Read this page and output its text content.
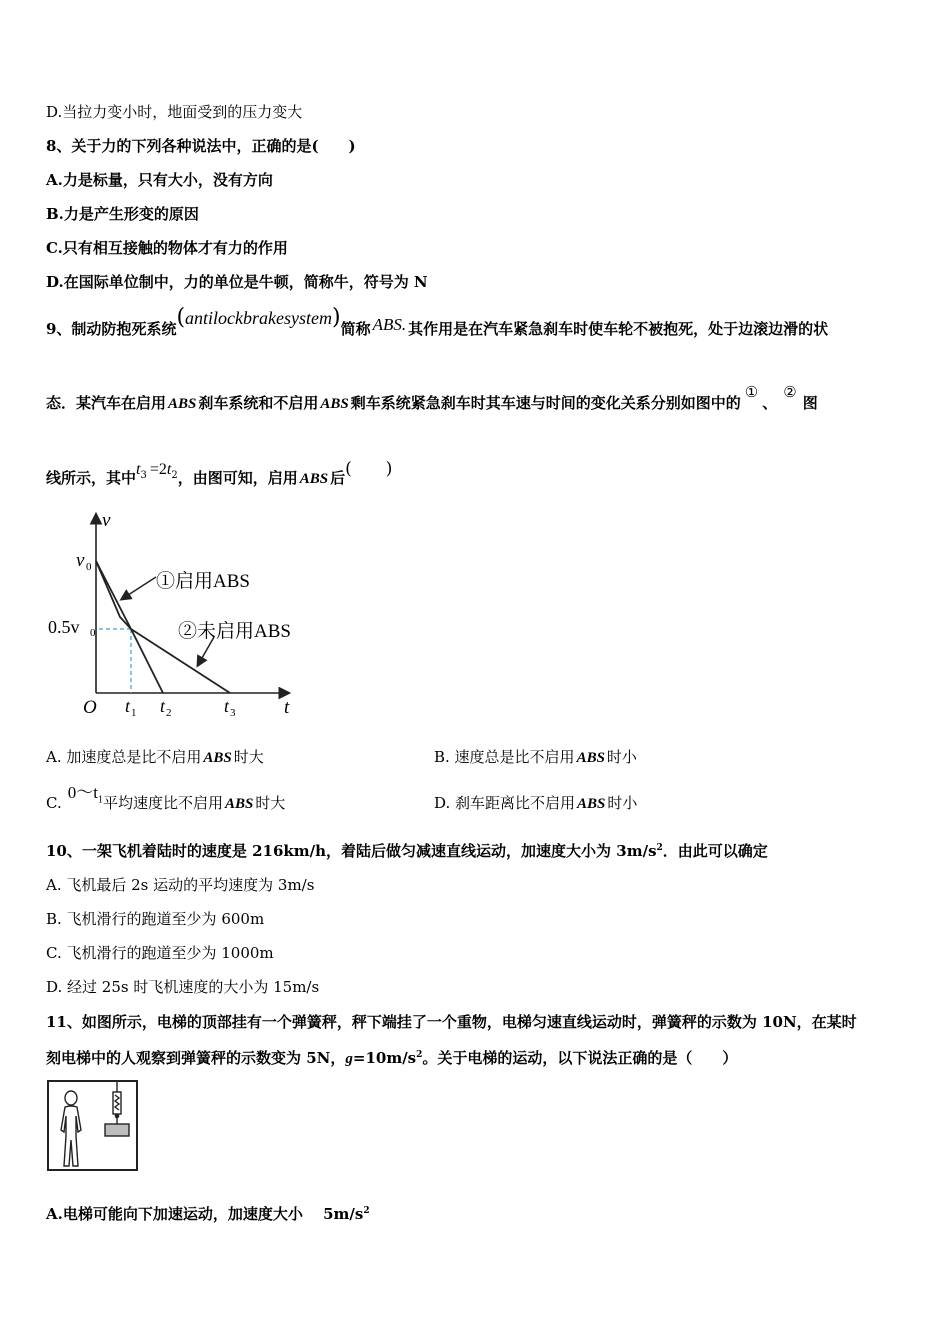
D.当拉力变小时，地面受到的压力变大
8、关于力的下列各种说法中，正确的是(　　)
A.力是标量，只有大小，没有方向
B.力是产生形变的原因
C.只有相互接触的物体才有力的作用
D.在国际单位制中，力的单位是牛顿，简称牛，符号为 N
9、制动防抱死系统(antilockbrakesystem)简称 ABS. 其作用是在汽车紧急刹车时使车轮不被抱死，处于边滚边滑的状
态．某汽车在启用 ABS 刹车系统和不启用 ABS 剩车系统紧急刹车时其车速与时间的变化关系分别如图中的①、②图
线所示，其中$t_3 =2t_2$，由图可知，启用 ABS 后(　　)
v
t
O
v 0
0.5v 0
t 1 t 2	t 3
①启用ABS
②未启用ABS
A. 加速度总是比不启用 ABS 时大	B. 速度总是比不启用 ABS 时小
$C.0\sim t_1$平均速度比不启用 ABS 时大	D. 刹车距离比不启用 ABS 时小
10、一架飞机着陆时的速度是 216km/h，着陆后做匀减速直线运动，加速度大小为 $3m/s^2$．由此可以确定
A. 飞机最后 2s 运动的平均速度为 3m/s
B. 飞机滑行的跑道至少为 600m
C. 飞机滑行的跑道至少为 1000m
D. 经过 25s 时飞机速度的大小为 15m/s
11、如图所示，电梯的顶部挂有一个弹簧秤，秤下端挂了一个重物，电梯匀速直线运动时，弹簧秤的示数为 10N，在某时
刻电梯中的人观察到弹簧秤的示数变为 5N，$g=10m/s^2$。关于电梯的运动，以下说法正确的是（　　）
A.电梯可能向下加速运动，加速度大小　 $5m/s^2$
